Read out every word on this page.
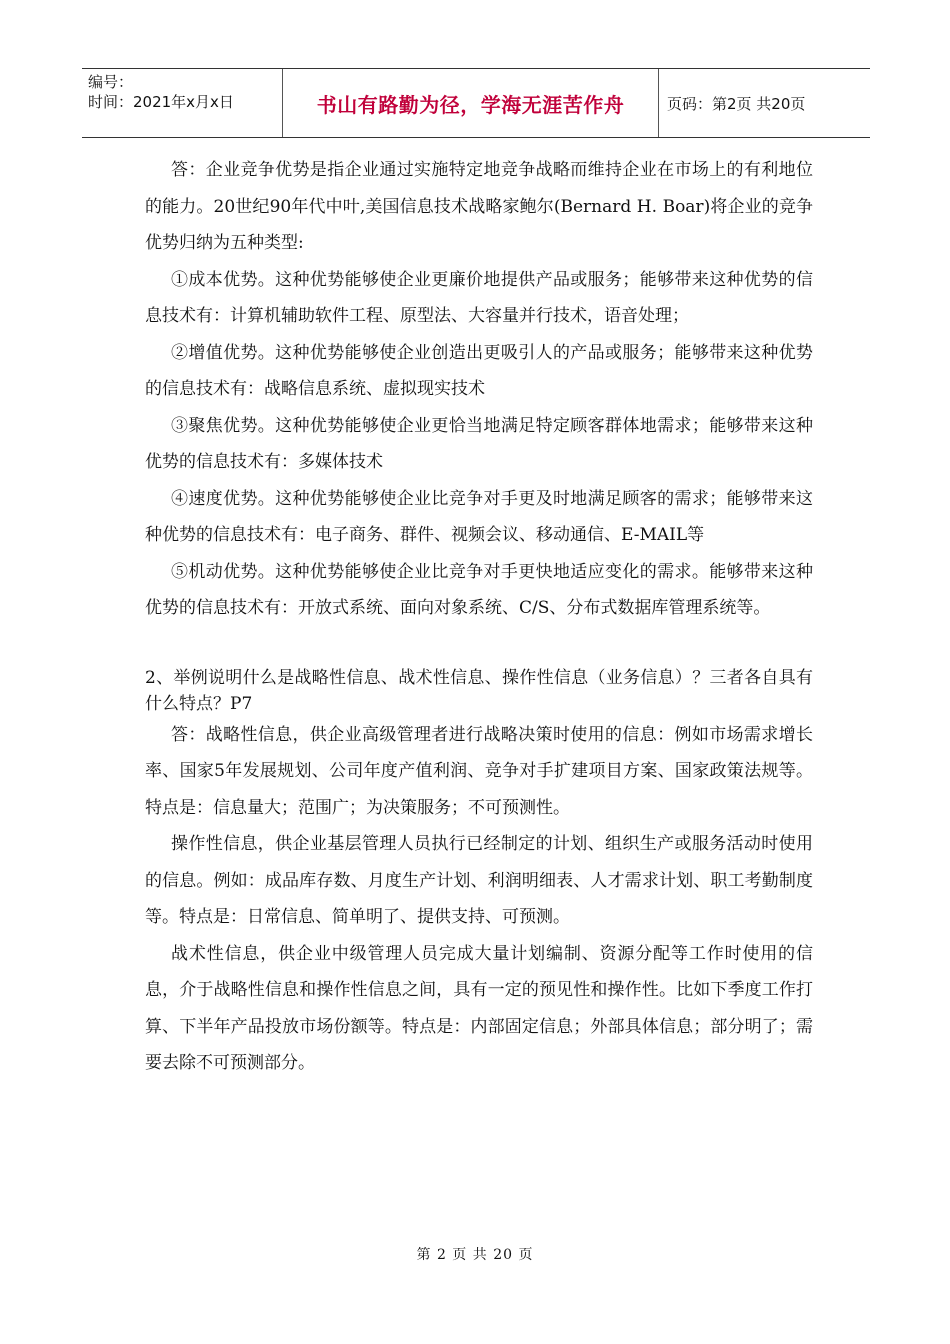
编号：
时间：2021年x月x日	书山有路勤为径，学海无涯苦作舟	页码：第2页 共20页

答：企业竞争优势是指企业通过实施特定地竞争战略而维持企业在市场上的有利地位的能力。20世纪90年代中叶,美国信息技术战略家鲍尔(Bernard H. Boar)将企业的竞争优势归纳为五种类型:

①成本优势。这种优势能够使企业更廉价地提供产品或服务；能够带来这种优势的信息技术有：计算机辅助软件工程、原型法、大容量并行技术，语音处理；

②增值优势。这种优势能够使企业创造出更吸引人的产品或服务；能够带来这种优势的信息技术有：战略信息系统、虚拟现实技术

③聚焦优势。这种优势能够使企业更恰当地满足特定顾客群体地需求；能够带来这种优势的信息技术有：多媒体技术

④速度优势。这种优势能够使企业比竞争对手更及时地满足顾客的需求；能够带来这种优势的信息技术有：电子商务、群件、视频会议、移动通信、E-MAIL等

⑤机动优势。这种优势能够使企业比竞争对手更快地适应变化的需求。能够带来这种优势的信息技术有：开放式系统、面向对象系统、C/S、分布式数据库管理系统等。

2、举例说明什么是战略性信息、战术性信息、操作性信息（业务信息）？三者各自具有什么特点？P7

答：战略性信息，供企业高级管理者进行战略决策时使用的信息：例如市场需求增长率、国家5年发展规划、公司年度产值利润、竞争对手扩建项目方案、国家政策法规等。特点是：信息量大；范围广；为决策服务；不可预测性。

操作性信息，供企业基层管理人员执行已经制定的计划、组织生产或服务活动时使用的信息。例如：成品库存数、月度生产计划、利润明细表、人才需求计划、职工考勤制度等。特点是：日常信息、简单明了、提供支持、可预测。

战术性信息，供企业中级管理人员完成大量计划编制、资源分配等工作时使用的信息，介于战略性信息和操作性信息之间，具有一定的预见性和操作性。比如下季度工作打算、下半年产品投放市场份额等。特点是：内部固定信息；外部具体信息；部分明了；需要去除不可预测部分。

第 2 页 共 20 页
